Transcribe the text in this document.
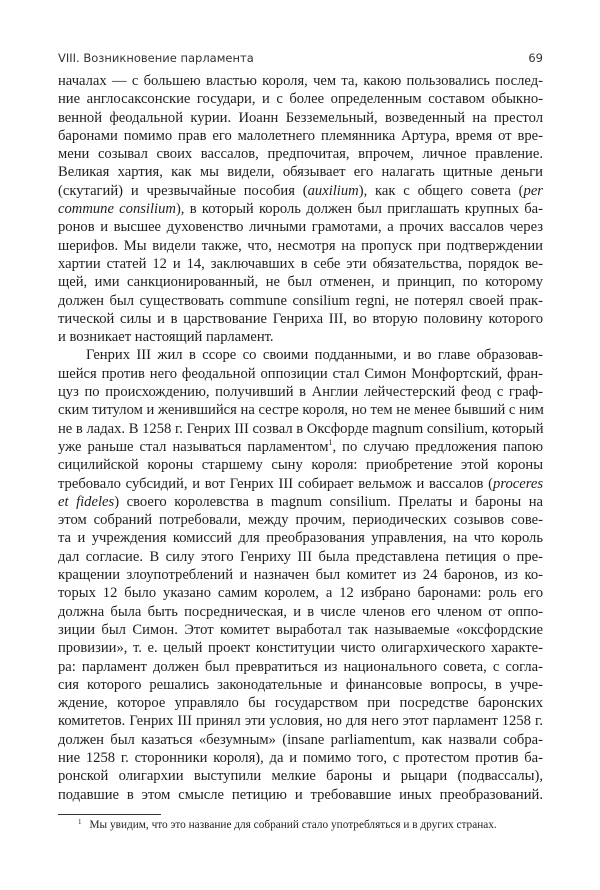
VIII. Возникновение парламента	69
началах — с большею властью короля, чем та, какою пользовались послед-
ние англосаксонские государи, и с более определенным составом обыкно-
венной феодальной курии. Иоанн Безземельный, возведенный на престол
баронами помимо прав его малолетнего племянника Артура, время от вре-
мени созывал своих вассалов, предпочитая, впрочем, личное правление.
Великая хартия, как мы видели, обязывает его налагать щитные деньги
(скутагий) и чрезвычайные пособия (auxilium), как с общего совета (per
commune consilium), в который король должен был приглашать крупных ба-
ронов и высшее духовенство личными грамотами, а прочих вассалов через
шерифов. Мы видели также, что, несмотря на пропуск при подтверждении
хартии статей 12 и 14, заключавших в себе эти обязательства, порядок ве-
щей, ими санкционированный, не был отменен, и принцип, по которому
должен был существовать commune consilium regni, не потерял своей прак-
тической силы и в царствование Генриха III, во вторую половину которого
и возникает настоящий парламент.
Генрих III жил в ссоре со своими подданными, и во главе образовав-
шейся против него феодальной оппозиции стал Симон Монфортский, фран-
цуз по происхождению, получивший в Англии лейчестерский феод с граф-
ским титулом и женившийся на сестре короля, но тем не менее бывший с ним
не в ладах. В 1258 г. Генрих III созвал в Оксфорде magnum consilium, который
уже раньше стал называться парламентом$^1$, по случаю предложения папою
сицилийской короны старшему сыну короля: приобретение этой короны
требовало субсидий, и вот Генрих III собирает вельмож и вассалов (proceres
et fideles) своего королевства в magnum consilium. Прелаты и бароны на
этом собраний потребовали, между прочим, периодических созывов сове-
та и учреждения комиссий для преобразования управления, на что король
дал согласие. В силу этого Генриху III была представлена петиция о пре-
кращении злоупотреблений и назначен был комитет из 24 баронов, из ко-
торых 12 было указано самим королем, а 12 избрано баронами: роль его
должна была быть посредническая, и в числе членов его членом от оппо-
зиции был Симон. Этот комитет выработал так называемые «оксфордские
провизии», т. е. целый проект конституции чисто олигархического характе-
ра: парламент должен был превратиться из национального совета, с согла-
сия которого решались законодательные и финансовые вопросы, в учре-
ждение, которое управляло бы государством при посредстве баронских
комитетов. Генрих III принял эти условия, но для него этот парламент 1258 г.
должен был казаться «безумным» (insane parliamentum, как назвали собра-
ние 1258 г. сторонники короля), да и помимо того, с протестом против ба-
ронской олигархии выступили мелкие бароны и рыцари (подвассалы),
подавшие в этом смысле петицию и требовавшие иных преобразований.
$^1$ Мы увидим, что это название для собраний стало употребляться и в других странах.
